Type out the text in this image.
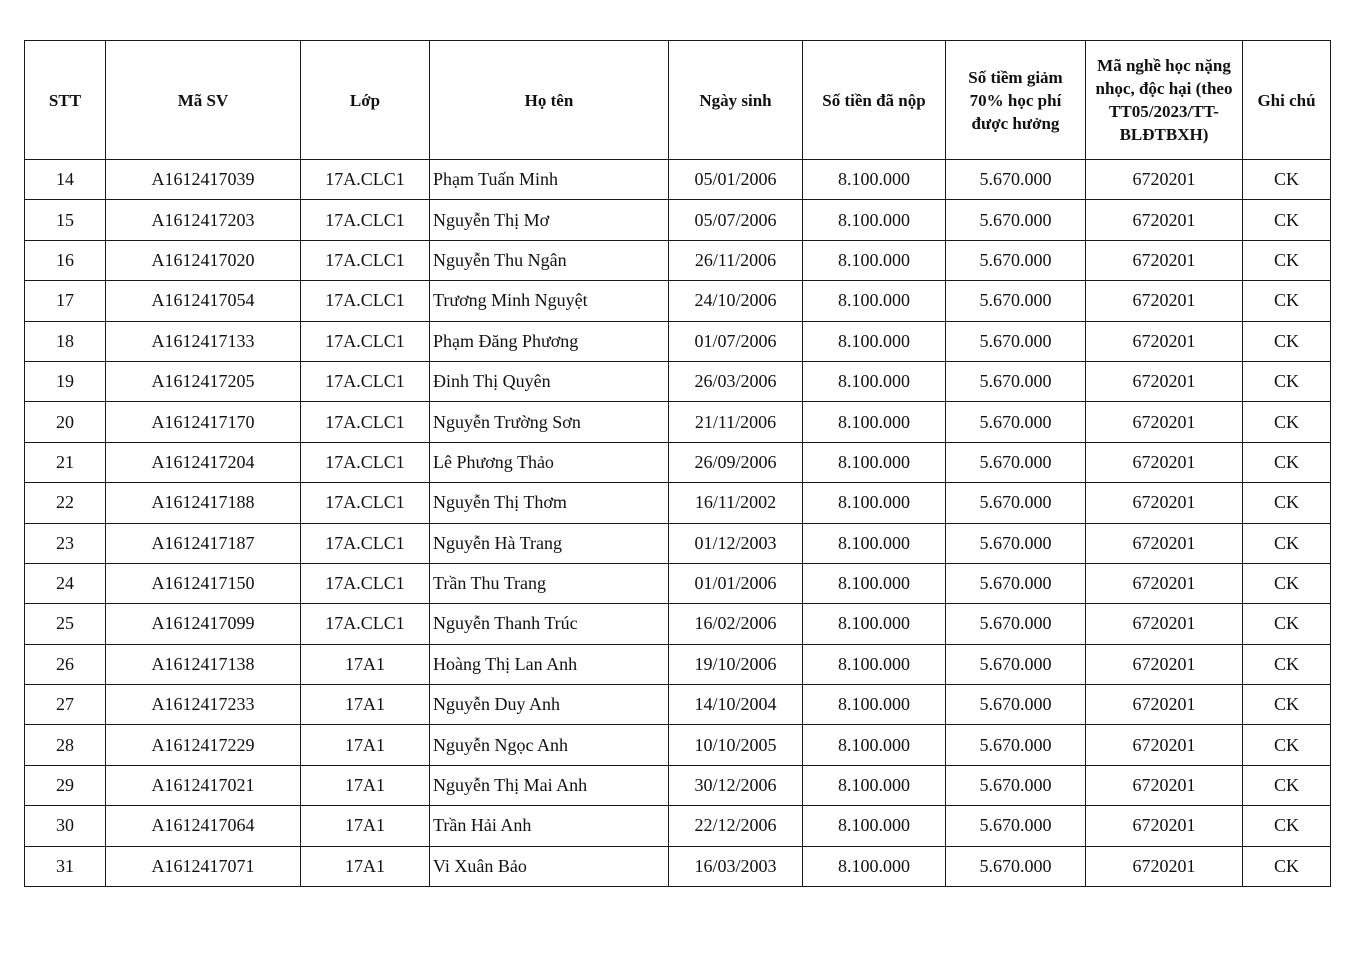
STT	Mã SV	Lớp	Họ tên	Ngày sinh	Số tiền đã nộp	Số tiềm giảm 70% học phí được hưởng	Mã nghề học nặng nhọc, độc hại (theo TT05/2023/TT-BLĐTBXH)	Ghi chú
14	A1612417039	17A.CLC1	Phạm Tuấn Minh	05/01/2006	8.100.000	5.670.000	6720201	CK
15	A1612417203	17A.CLC1	Nguyễn Thị Mơ	05/07/2006	8.100.000	5.670.000	6720201	CK
16	A1612417020	17A.CLC1	Nguyễn Thu Ngân	26/11/2006	8.100.000	5.670.000	6720201	CK
17	A1612417054	17A.CLC1	Trương Minh Nguyệt	24/10/2006	8.100.000	5.670.000	6720201	CK
18	A1612417133	17A.CLC1	Phạm Đăng Phương	01/07/2006	8.100.000	5.670.000	6720201	CK
19	A1612417205	17A.CLC1	Đinh Thị Quyên	26/03/2006	8.100.000	5.670.000	6720201	CK
20	A1612417170	17A.CLC1	Nguyễn Trường Sơn	21/11/2006	8.100.000	5.670.000	6720201	CK
21	A1612417204	17A.CLC1	Lê Phương Thảo	26/09/2006	8.100.000	5.670.000	6720201	CK
22	A1612417188	17A.CLC1	Nguyễn Thị Thơm	16/11/2002	8.100.000	5.670.000	6720201	CK
23	A1612417187	17A.CLC1	Nguyễn Hà Trang	01/12/2003	8.100.000	5.670.000	6720201	CK
24	A1612417150	17A.CLC1	Trần Thu Trang	01/01/2006	8.100.000	5.670.000	6720201	CK
25	A1612417099	17A.CLC1	Nguyễn Thanh Trúc	16/02/2006	8.100.000	5.670.000	6720201	CK
26	A1612417138	17A1	Hoàng Thị Lan Anh	19/10/2006	8.100.000	5.670.000	6720201	CK
27	A1612417233	17A1	Nguyễn Duy Anh	14/10/2004	8.100.000	5.670.000	6720201	CK
28	A1612417229	17A1	Nguyễn Ngọc Anh	10/10/2005	8.100.000	5.670.000	6720201	CK
29	A1612417021	17A1	Nguyễn Thị Mai Anh	30/12/2006	8.100.000	5.670.000	6720201	CK
30	A1612417064	17A1	Trần Hải Anh	22/12/2006	8.100.000	5.670.000	6720201	CK
31	A1612417071	17A1	Vi Xuân Bảo	16/03/2003	8.100.000	5.670.000	6720201	CK
